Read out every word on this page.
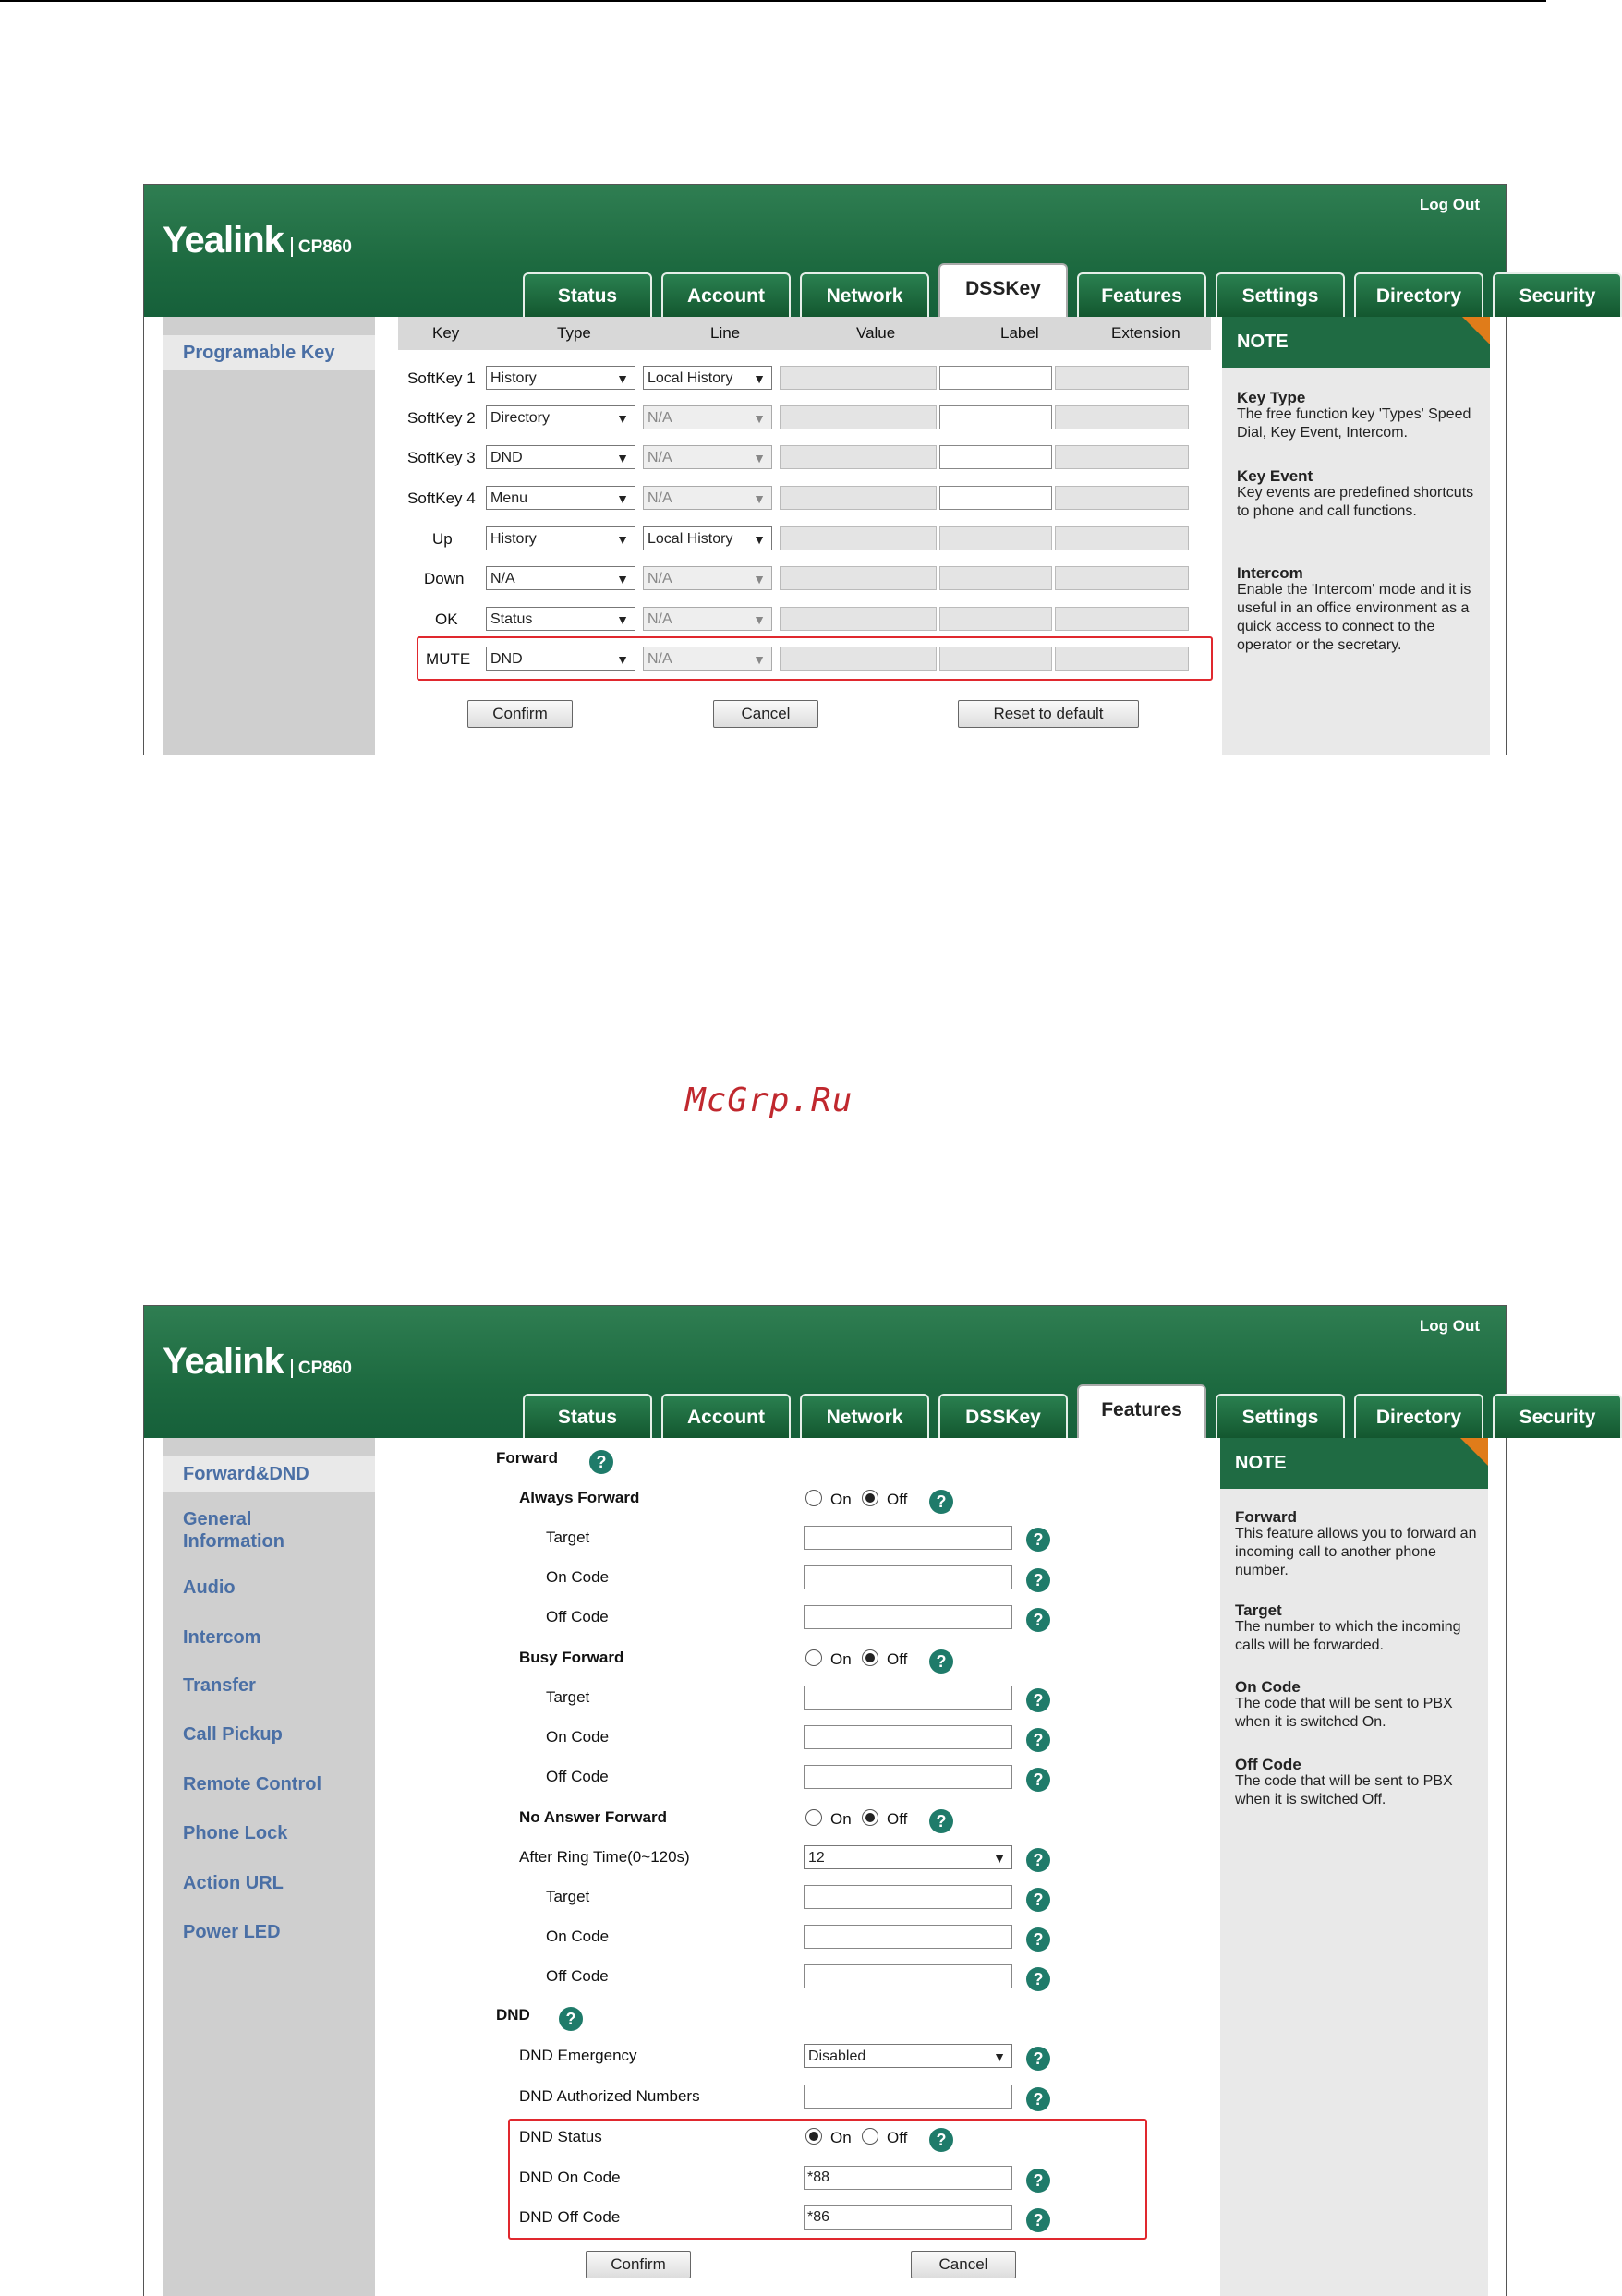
Yealink CP860
Log Out
Status	Account	Network	DSSKey	Features	Settings	Directory	Security
Programable Key
Key	Type	Line	Value	Label	Extension
SoftKey 1	History	▼	Local History ▼
SoftKey 2	Directory	▼	N/A	▼
SoftKey 3	DND	▼	N/A	▼
SoftKey 4	Menu	▼	N/A	▼
Up	History	▼	Local History ▼
Down	N/A	▼	N/A	▼
OK	Status	▼	N/A	▼
MUTE	DND	▼	N/A	▼
Confirm	Cancel	Reset to default
NOTE
Key Type
The free function key 'Types' Speed Dial, Key Event, Intercom.
Key Event
Key events are predefined shortcuts to phone and call functions.
Intercom
Enable the 'Intercom' mode and it is useful in an office environment as a quick access to connect to the operator or the secretary.
McGrp.Ru
Yealink CP860
Log Out
Status	Account	Network	DSSKey	Features	Settings	Directory	Security
Forward&DND
General Information
Audio
Intercom
Transfer
Call Pickup
Remote Control
Phone Lock
Action URL
Power LED
Forward	?
Always Forward	On Off	?
Target	?
On Code	?
Off Code	?
Busy Forward	On Off	?
Target	?
On Code	?
Off Code	?
No Answer Forward	On Off	?
After Ring Time(0~120s)	12	▼	?
Target	?
On Code	?
Off Code	?
DND	?
DND Emergency	Disabled	▼	?
DND Authorized Numbers	?
DND Status	On Off	?
DND On Code	*88	?
DND Off Code	*86	?
Confirm	Cancel
NOTE
Forward
This feature allows you to forward an incoming call to another phone number.
Target
The number to which the incoming calls will be forwarded.
On Code
The code that will be sent to PBX when it is switched On.
Off Code
The code that will be sent to PBX when it is switched Off.
